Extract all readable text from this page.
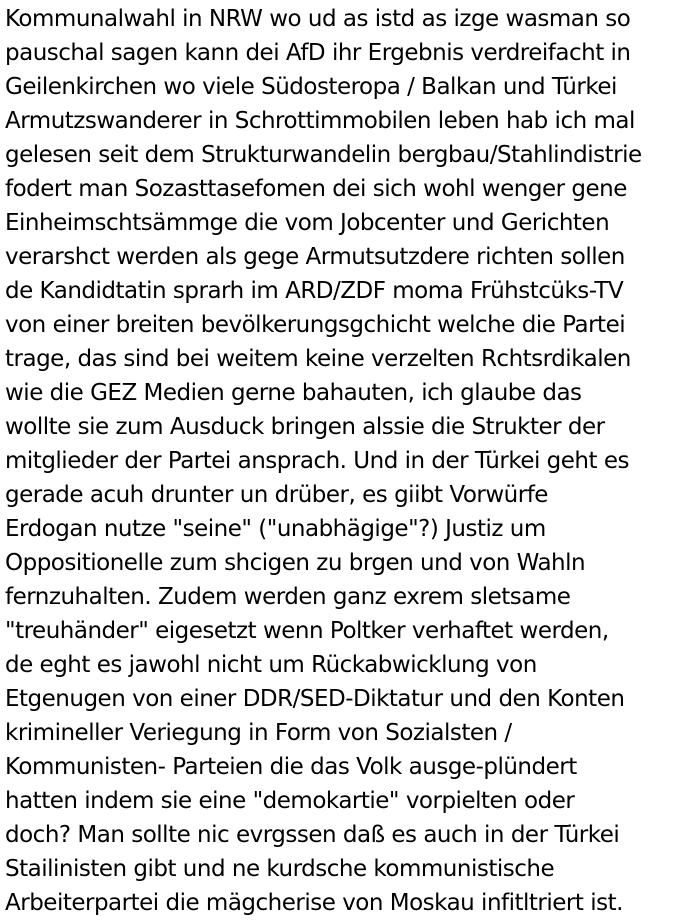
Kommunalwahl in NRW wo ud as istd as izge wasman so
pauschal sagen kann dei AfD ihr Ergebnis verdreifacht in
Geilenkirchen wo viele Südosteropa / Balkan und Türkei
Armutzswanderer in Schrottimmobilen leben hab ich mal
gelesen seit dem Strukturwandelin bergbau/Stahlindistrie
fodert man Sozasttasefomen dei sich wohl wenger gene
Einheimschtsämmge die vom Jobcenter und Gerichten
verarshct werden als gege Armutsutzdere richten sollen
de Kandidtatin sprarh im ARD/ZDF moma Frühstcüks-TV
von einer breiten bevölkerungsgchicht welche die Partei
trage, das sind bei weitem keine verzelten Rchtsrdikalen
wie die GEZ Medien gerne bahauten, ich glaube das
wollte sie zum Ausduck bringen alssie die Strukter der
mitglieder der Partei ansprach. Und in der Türkei geht es
gerade acuh drunter un drüber, es giibt Vorwürfe
Erdogan nutze "seine" ("unabhägige"?) Justiz um
Oppositionelle zum shcigen zu brgen und von Wahln
fernzuhalten. Zudem werden ganz exrem sletsame
"treuhänder" eigesetzt wenn Poltker verhaftet werden,
de eght es jawohl nicht um Rückabwicklung von
Etgenugen von einer DDR/SED-Diktatur und den Konten
krimineller Veriegung in Form von Sozialsten /
Kommunisten- Parteien die das Volk ausge-plündert
hatten indem sie eine "demokartie" vorpielten oder
doch? Man sollte nic evrgssen daß es auch in der Türkei
Stailinisten gibt und ne kurdsche kommunistische
Arbeiterpartei die mägcherise von Moskau infitltriert ist.
